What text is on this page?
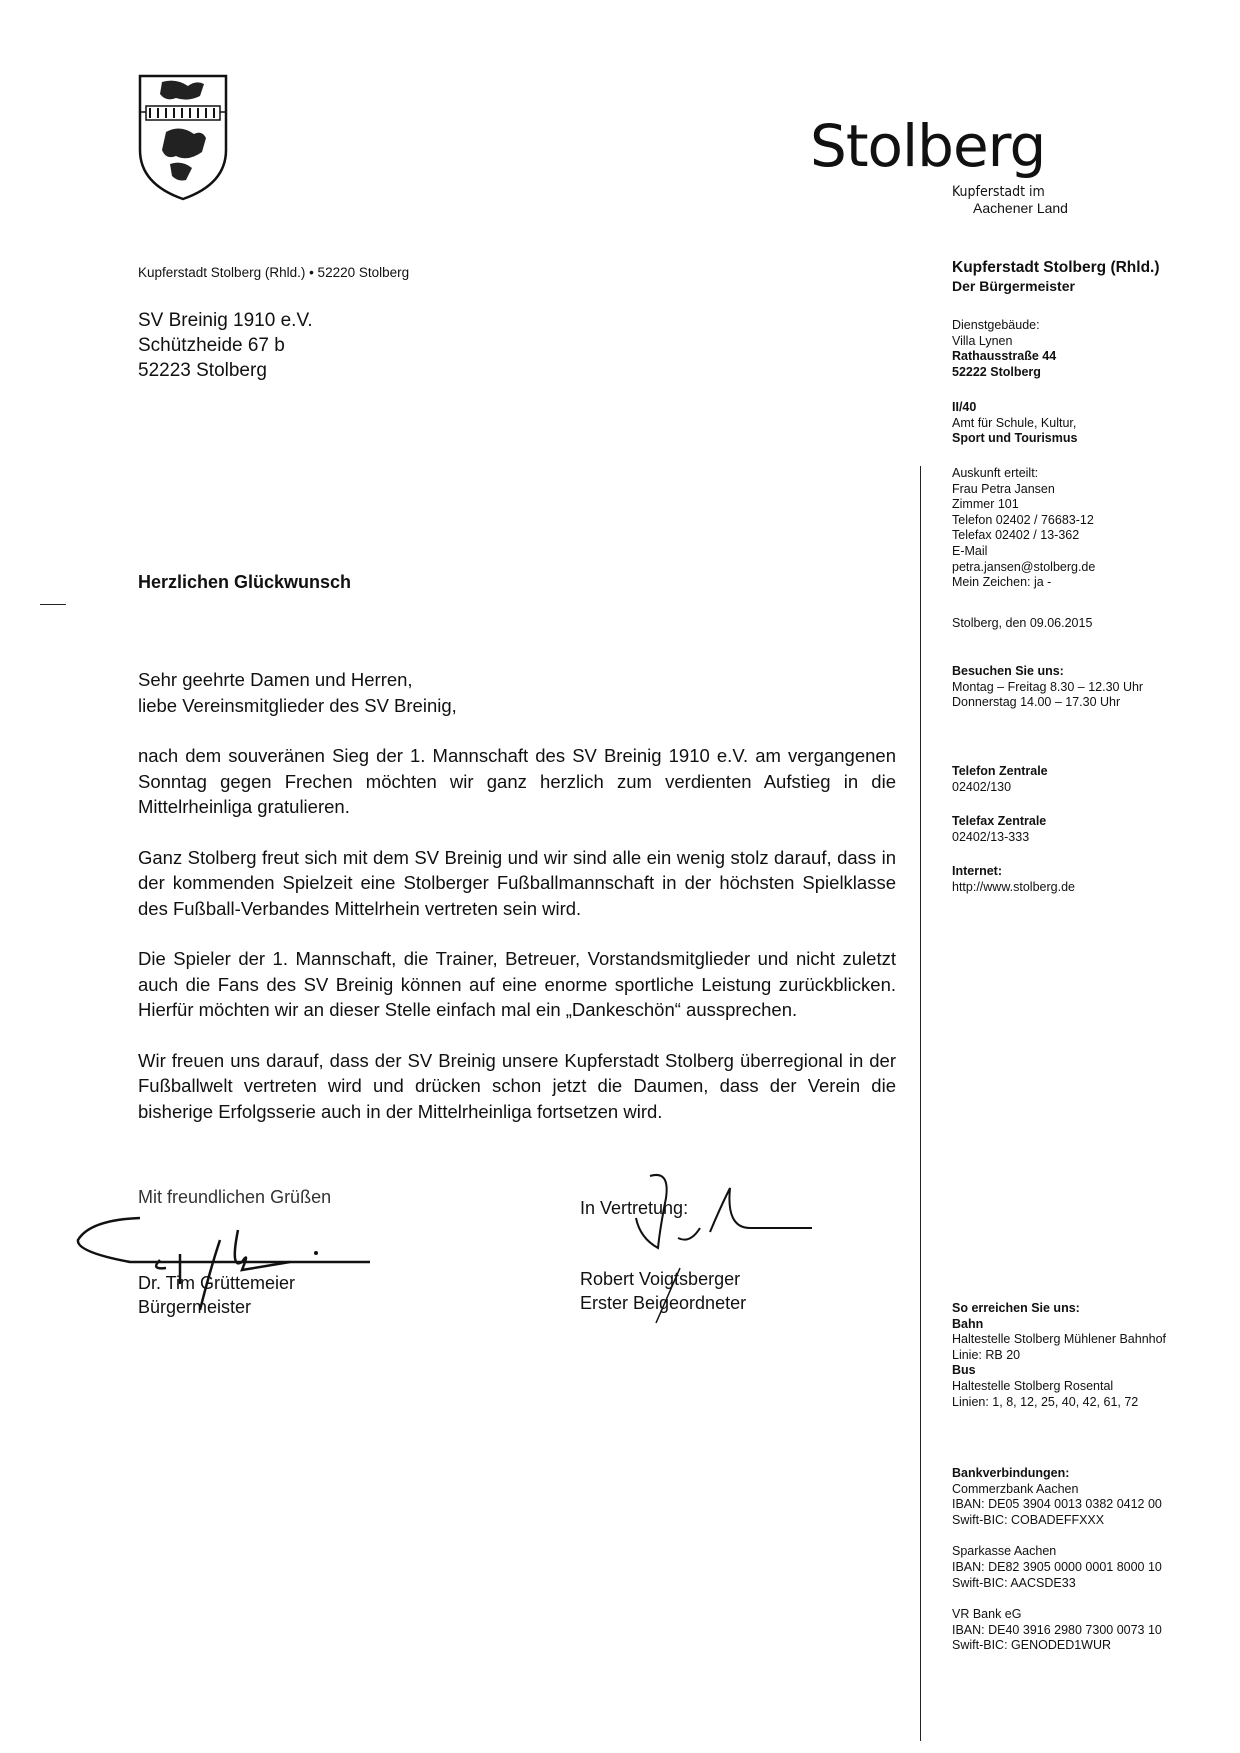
Stolberg
Kupferstadt im
Aachener Land
Kupferstadt Stolberg (Rhld.) • 52220 Stolberg
SV Breinig 1910 e.V.
Schützheide 67 b
52223 Stolberg
Herzlichen Glückwunsch

Sehr geehrte Damen und Herren,
liebe Vereinsmitglieder des SV Breinig,

nach dem souveränen Sieg der 1. Mannschaft des SV Breinig 1910 e.V. am vergangenen Sonntag gegen Frechen möchten wir ganz herzlich zum verdienten Aufstieg in die Mittelrheinliga gratulieren.

Ganz Stolberg freut sich mit dem SV Breinig und wir sind alle ein wenig stolz darauf, dass in der kommenden Spielzeit eine Stolberger Fußballmannschaft in der höchsten Spielklasse des Fußball-Verbandes Mittelrhein vertreten sein wird.

Die Spieler der 1. Mannschaft, die Trainer, Betreuer, Vorstandsmitglieder und nicht zuletzt auch die Fans des SV Breinig können auf eine enorme sportliche Leistung zurückblicken. Hierfür möchten wir an dieser Stelle einfach mal ein „Dankeschön“ aussprechen.

Wir freuen uns darauf, dass der SV Breinig unsere Kupferstadt Stolberg überregional in der Fußballwelt vertreten wird und drücken schon jetzt die Daumen, dass der Verein die bisherige Erfolgsserie auch in der Mittelrheinliga fortsetzen wird.

Mit freundlichen Grüßen
Dr. Tim Grüttemeier
Bürgermeister
In Vertretung:
Robert Voigtsberger
Erster Beigeordneter
Kupferstadt Stolberg (Rhld.)
Der Bürgermeister
Dienstgebäude:
Villa Lynen
Rathausstraße 44
52222 Stolberg
II/40
Amt für Schule, Kultur,
Sport und Tourismus
Auskunft erteilt:
Frau Petra Jansen
Zimmer 101
Telefon 02402 / 76683-12
Telefax 02402 / 13-362
E-Mail
petra.jansen@stolberg.de
Mein Zeichen: ja -
Stolberg, den 09.06.2015
Besuchen Sie uns:
Montag – Freitag 8.30 – 12.30 Uhr
Donnerstag 14.00 – 17.30 Uhr
Telefon Zentrale
02402/130
Telefax Zentrale
02402/13-333
Internet:
http://www.stolberg.de
So erreichen Sie uns:
Bahn
Haltestelle Stolberg Mühlener Bahnhof
Linie: RB 20
Bus
Haltestelle Stolberg Rosental
Linien: 1, 8, 12, 25, 40, 42, 61, 72
Bankverbindungen:
Commerzbank Aachen
IBAN: DE05 3904 0013 0382 0412 00
Swift-BIC: COBADEFFXXX
Sparkasse Aachen
IBAN: DE82 3905 0000 0001 8000 10
Swift-BIC: AACSDE33
VR Bank eG
IBAN: DE40 3916 2980 7300 0073 10
Swift-BIC: GENODED1WUR
